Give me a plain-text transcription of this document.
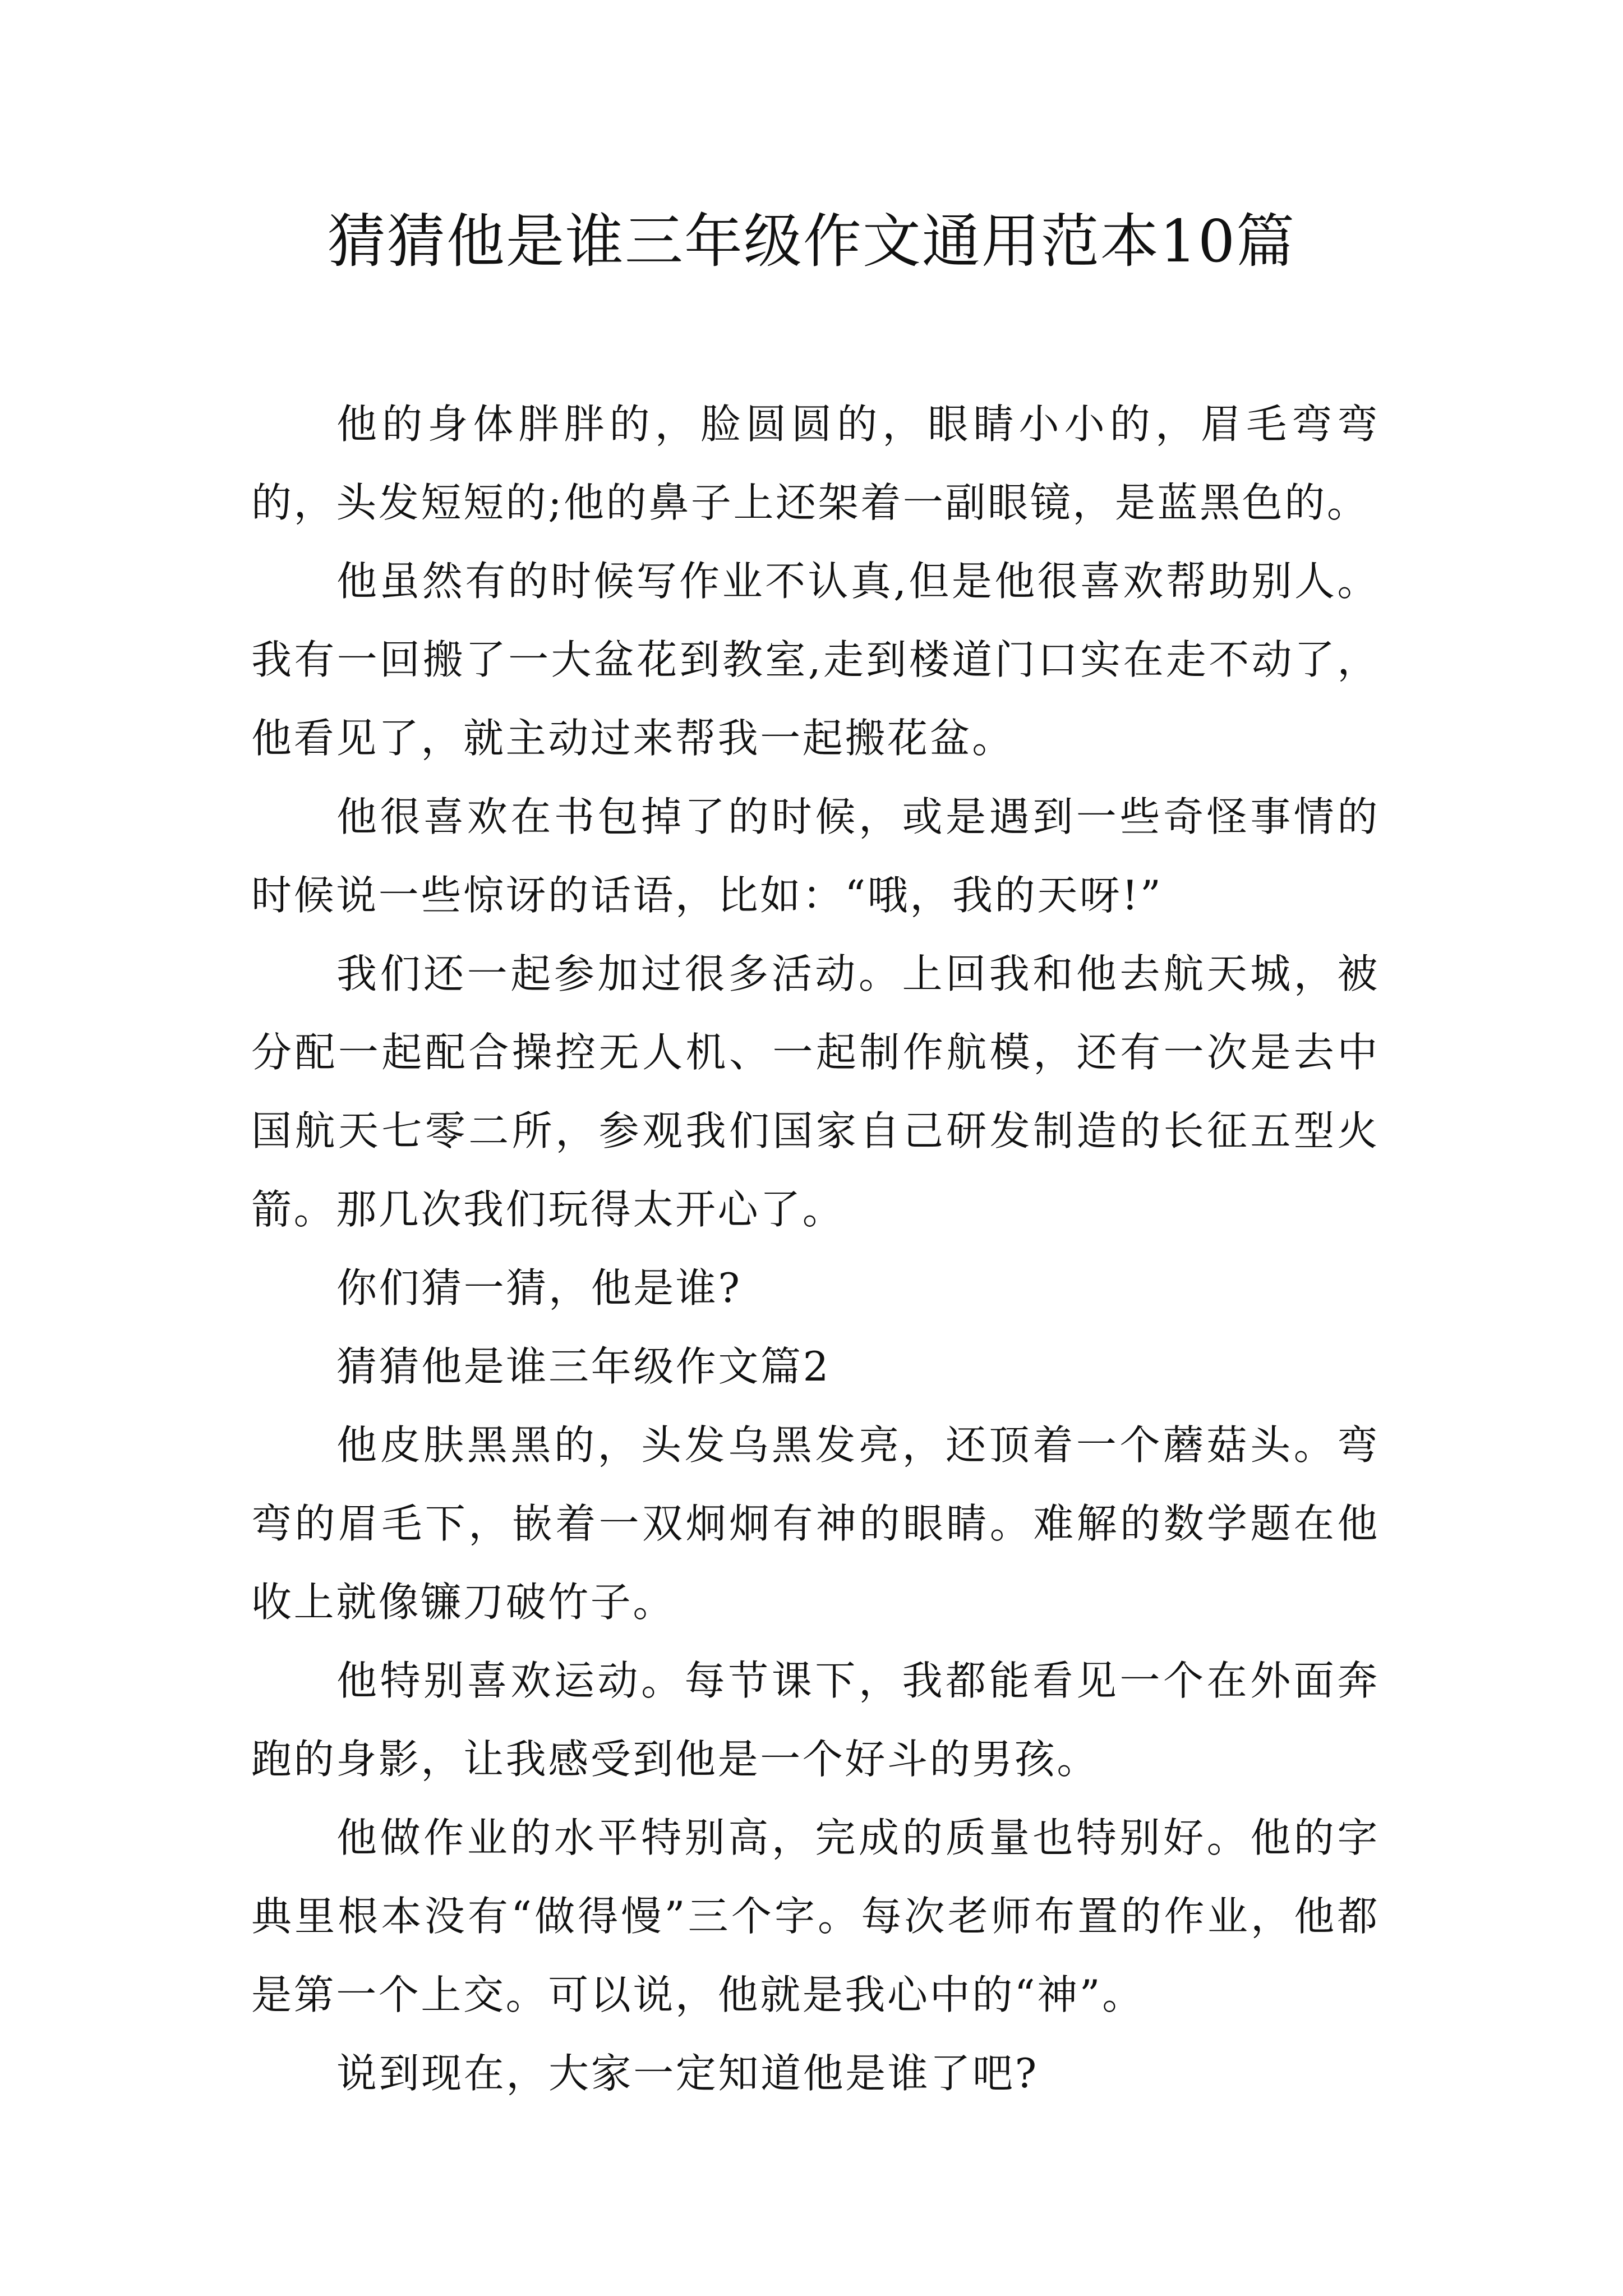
猜猜他是谁三年级作文通用范本10篇

他的身体胖胖的，脸圆圆的，眼睛小小的，眉毛弯弯的，头发短短的;他的鼻子上还架着一副眼镜，是蓝黑色的。

他虽然有的时候写作业不认真,但是他很喜欢帮助别人。我有一回搬了一大盆花到教室,走到楼道门口实在走不动了，他看见了，就主动过来帮我一起搬花盆。

他很喜欢在书包掉了的时候，或是遇到一些奇怪事情的时候说一些惊讶的话语，比如：“哦，我的天呀!”

我们还一起参加过很多活动。上回我和他去航天城，被分配一起配合操控无人机、一起制作航模，还有一次是去中国航天七零二所，参观我们国家自己研发制造的长征五型火箭。那几次我们玩得太开心了。

你们猜一猜，他是谁?

猜猜他是谁三年级作文篇2

他皮肤黑黑的，头发乌黑发亮，还顶着一个蘑菇头。弯弯的眉毛下，嵌着一双炯炯有神的眼睛。难解的数学题在他收上就像镰刀破竹子。

他特别喜欢运动。每节课下，我都能看见一个在外面奔跑的身影，让我感受到他是一个好斗的男孩。

他做作业的水平特别高，完成的质量也特别好。他的字典里根本没有“做得慢”三个字。每次老师布置的作业，他都是第一个上交。可以说，他就是我心中的“神”。

说到现在，大家一定知道他是谁了吧?
